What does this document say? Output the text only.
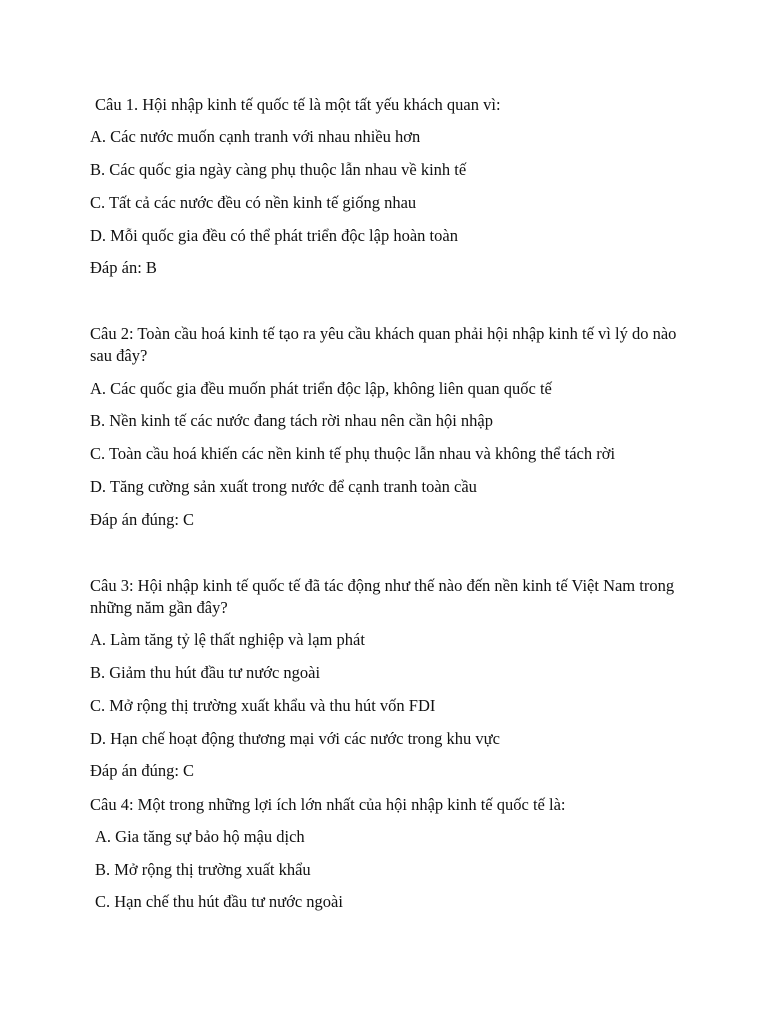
Câu 1. Hội nhập kinh tế quốc tế là một tất yếu khách quan vì:
A. Các nước muốn cạnh tranh với nhau nhiều hơn
B. Các quốc gia ngày càng phụ thuộc lẫn nhau về kinh tế
C. Tất cả các nước đều có nền kinh tế giống nhau
D. Mỗi quốc gia đều có thể phát triển độc lập hoàn toàn
Đáp án: B
Câu 2: Toàn cầu hoá kinh tế tạo ra yêu cầu khách quan phải hội nhập kinh tế vì lý do nào sau đây?
A. Các quốc gia đều muốn phát triển độc lập, không liên quan quốc tế
B. Nền kinh tế các nước đang tách rời nhau nên cần hội nhập
C. Toàn cầu hoá khiến các nền kinh tế phụ thuộc lẫn nhau và không thể tách rời
D. Tăng cường sản xuất trong nước để cạnh tranh toàn cầu
Đáp án đúng: C
Câu 3: Hội nhập kinh tế quốc tế đã tác động như thế nào đến nền kinh tế Việt Nam trong những năm gần đây?
A. Làm tăng tỷ lệ thất nghiệp và lạm phát
B. Giảm thu hút đầu tư nước ngoài
C. Mở rộng thị trường xuất khẩu và thu hút vốn FDI
D. Hạn chế hoạt động thương mại với các nước trong khu vực
Đáp án đúng: C
Câu 4: Một trong những lợi ích lớn nhất của hội nhập kinh tế quốc tế là:
A. Gia tăng sự bảo hộ mậu dịch
B. Mở rộng thị trường xuất khẩu
C. Hạn chế thu hút đầu tư nước ngoài
